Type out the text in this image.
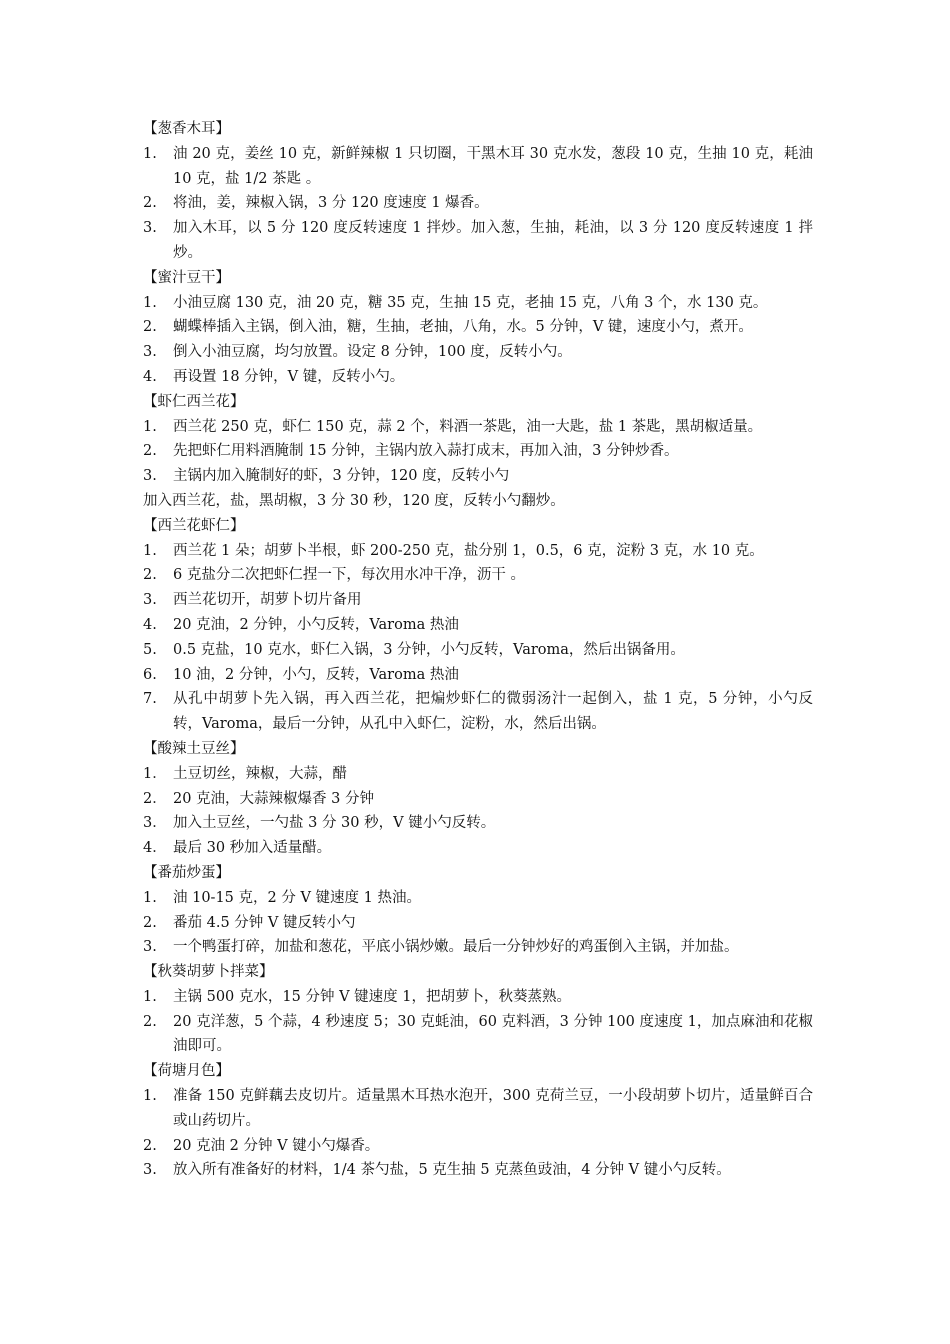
【葱香木耳】
1. 油 20 克，姜丝 10 克，新鲜辣椒 1 只切圈，干黑木耳 30 克水发，葱段 10 克，生抽 10 克，耗油 10 克，盐 1/2 茶匙 。
2. 将油，姜，辣椒入锅，3 分 120 度速度 1 爆香。
3. 加入木耳，以 5 分 120 度反转速度 1 拌炒。加入葱，生抽，耗油，以 3 分 120 度反转速度 1 拌炒。
【蜜汁豆干】
1. 小油豆腐 130 克，油 20 克，糖 35 克，生抽 15 克，老抽 15 克，八角 3 个，水 130 克。
2. 蝴蝶棒插入主锅，倒入油，糖，生抽，老抽，八角，水。5 分钟，V 键，速度小勺，煮开。
3. 倒入小油豆腐，均匀放置。设定 8 分钟，100 度，反转小勺。
4. 再设置 18 分钟，V 键，反转小勺。
【虾仁西兰花】
1. 西兰花 250 克，虾仁 150 克，蒜 2 个，料酒一茶匙，油一大匙，盐 1 茶匙，黑胡椒适量。
2. 先把虾仁用料酒腌制 15 分钟，主锅内放入蒜打成末，再加入油，3 分钟炒香。
3. 主锅内加入腌制好的虾，3 分钟，120 度，反转小勺
加入西兰花，盐，黑胡椒，3 分 30 秒，120 度，反转小勺翻炒。
【西兰花虾仁】
1. 西兰花 1 朵；胡萝卜半根，虾 200-250 克，盐分别 1，0.5，6 克，淀粉 3 克，水 10 克。
2. 6 克盐分二次把虾仁捏一下，每次用水冲干净，沥干 。
3. 西兰花切开，胡萝卜切片备用
4. 20 克油，2 分钟，小勺反转，Varoma 热油
5. 0.5 克盐，10 克水，虾仁入锅，3 分钟，小勺反转，Varoma，然后出锅备用。
6. 10 油，2 分钟，小勺，反转，Varoma 热油
7. 从孔中胡萝卜先入锅，再入西兰花，把煸炒虾仁的微弱汤汁一起倒入，盐 1 克，5 分钟，小勺反转，Varoma，最后一分钟，从孔中入虾仁，淀粉，水，然后出锅。
【酸辣土豆丝】
1． 土豆切丝，辣椒，大蒜，醋
2． 20 克油，大蒜辣椒爆香 3 分钟
3． 加入土豆丝，一勺盐 3 分 30 秒，V 键小勺反转。
4． 最后 30 秒加入适量醋。
【番茄炒蛋】
1. 油 10-15 克，2 分 V 键速度 1 热油。
2. 番茄 4.5 分钟 V 键反转小勺
3. 一个鸭蛋打碎，加盐和葱花，平底小锅炒嫩。最后一分钟炒好的鸡蛋倒入主锅，并加盐。
【秋葵胡萝卜拌菜】
1. 主锅 500 克水，15 分钟 V 键速度 1，把胡萝卜，秋葵蒸熟。
2. 20 克洋葱，5 个蒜，4 秒速度 5；30 克蚝油，60 克料酒，3 分钟 100 度速度 1，加点麻油和花椒油即可。
【荷塘月色】
1. 准备 150 克鲜藕去皮切片。适量黑木耳热水泡开，300 克荷兰豆，一小段胡萝卜切片，适量鲜百合或山药切片。
2. 20 克油 2 分钟 V 键小勺爆香。
3. 放入所有准备好的材料，1/4 茶勺盐，5 克生抽 5 克蒸鱼豉油，4 分钟 V 键小勺反转。
